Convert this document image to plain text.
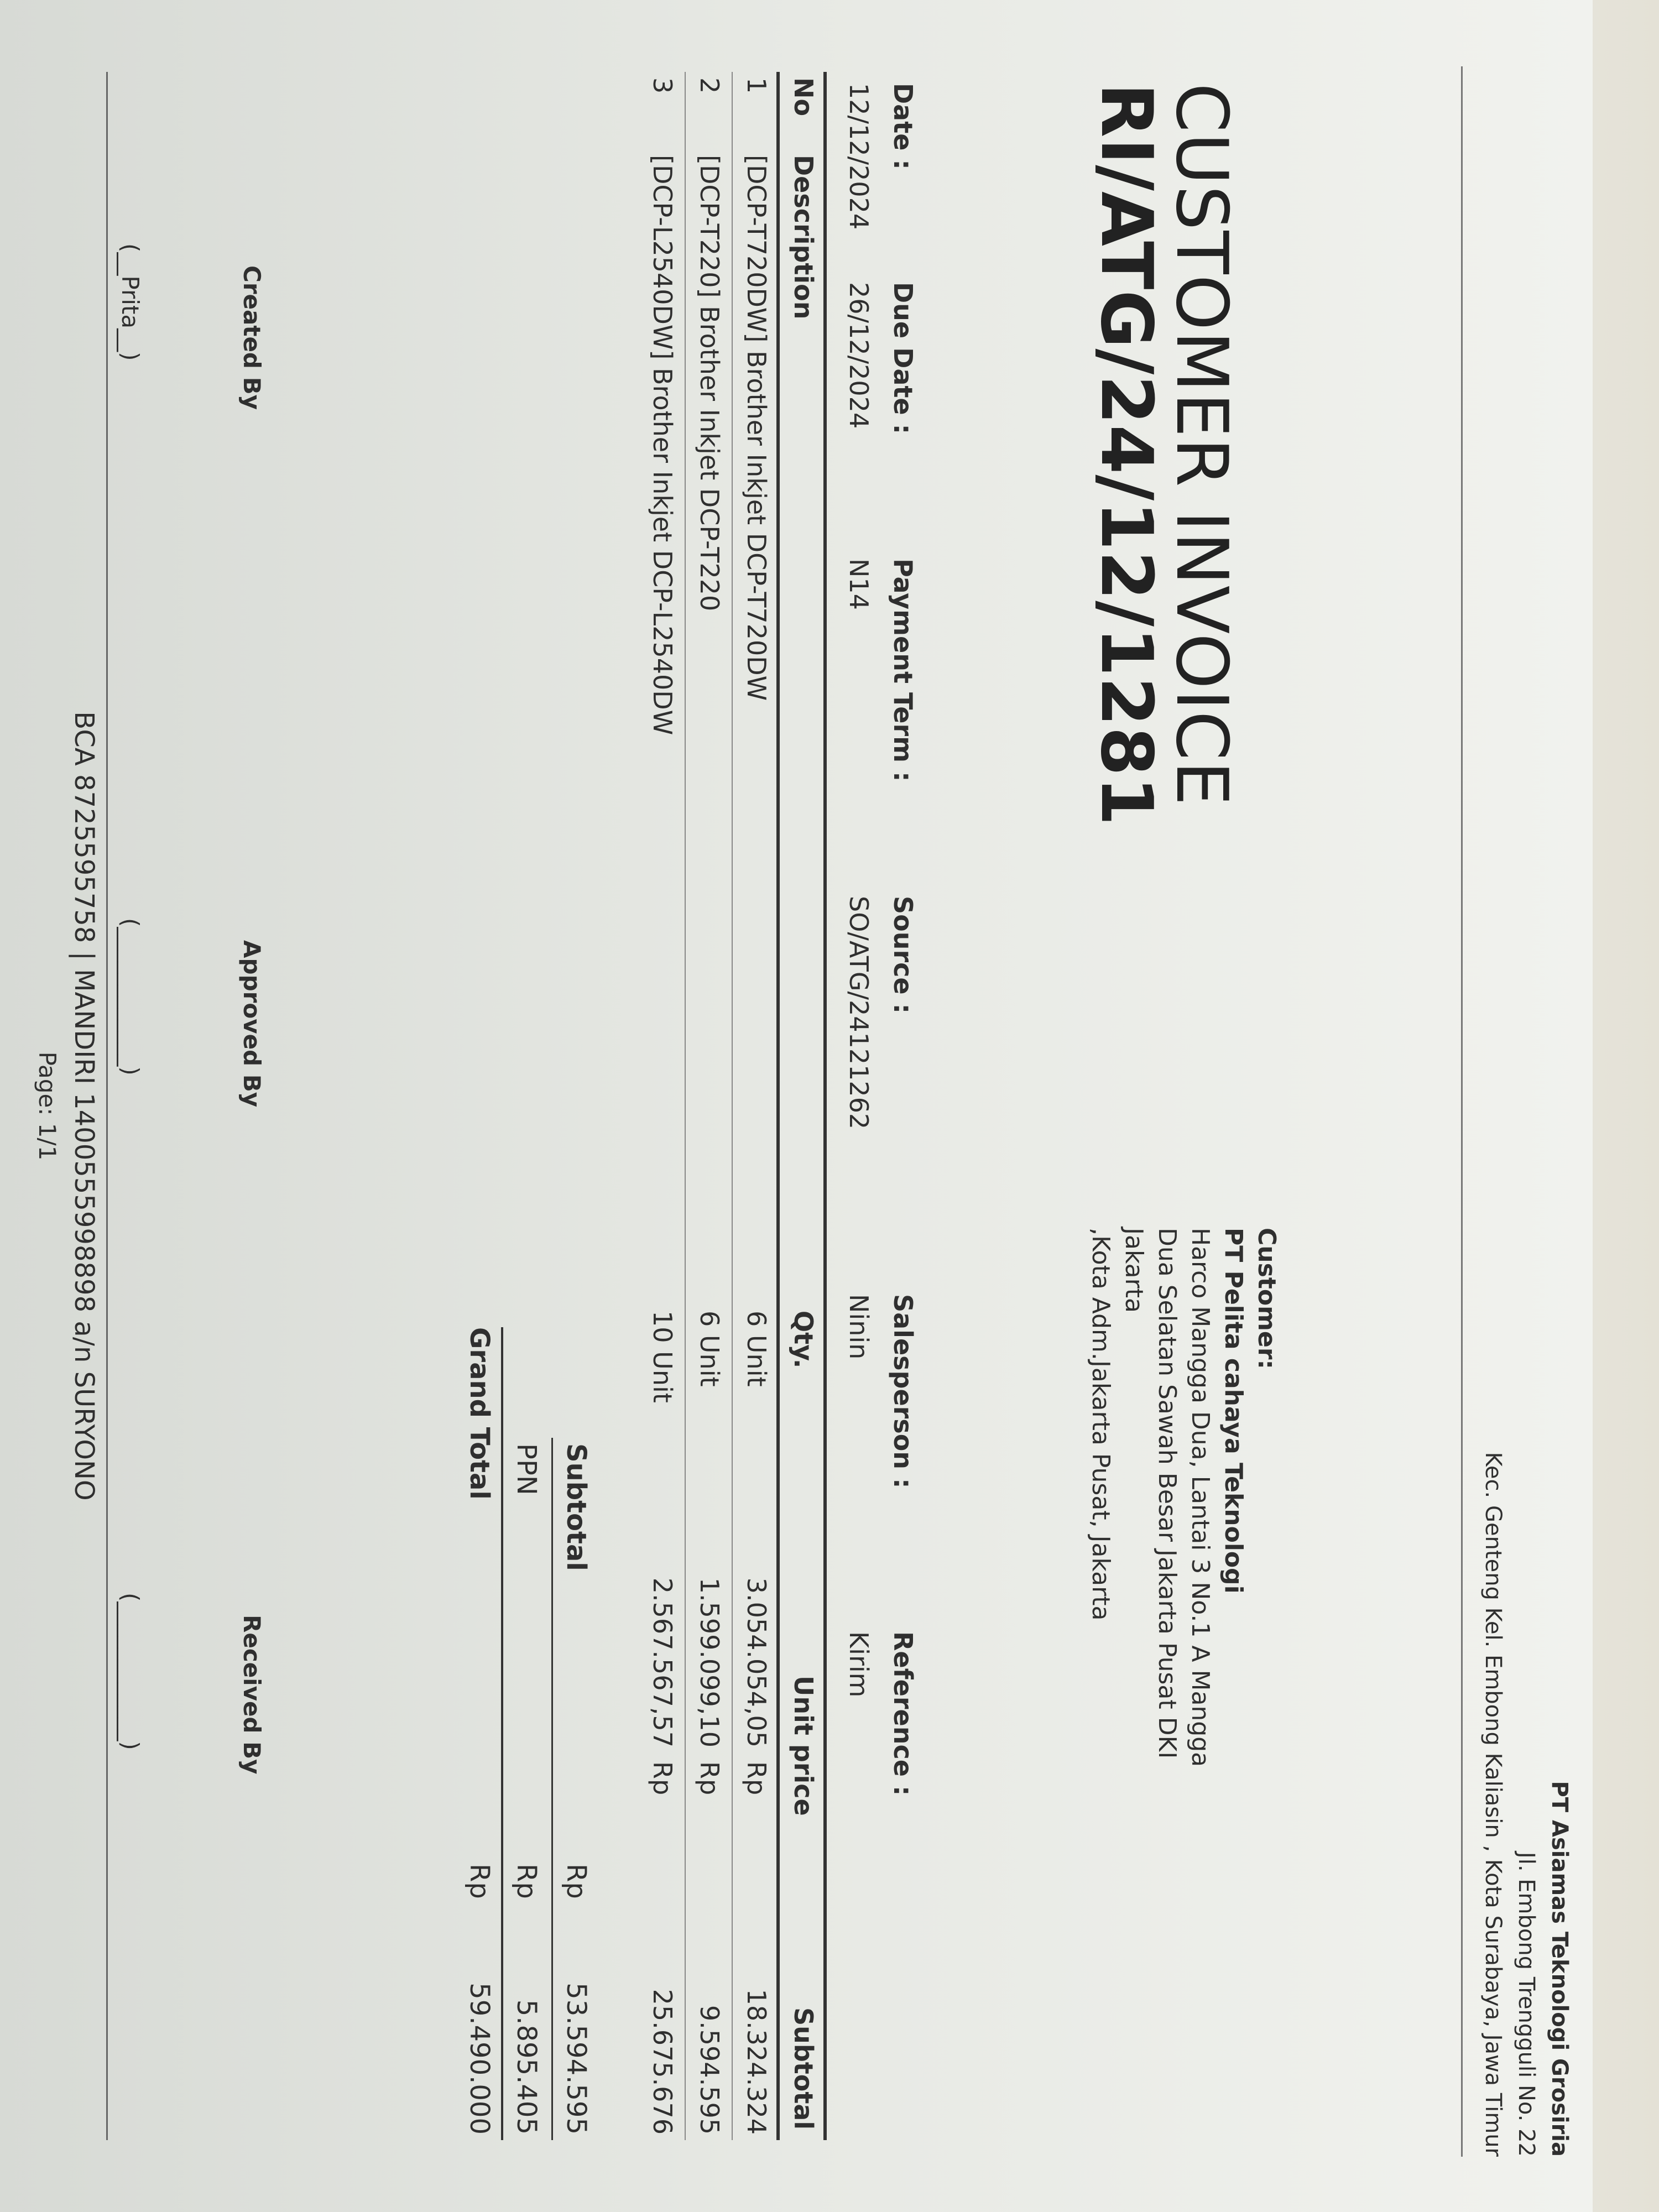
PT Asiamas Teknologi Grosiria
Jl. Embong Trengguli No. 22
Kec. Genteng Kel. Embong Kaliasin , Kota Surabaya, Jawa Timur
Customer:
PT Pelita cahaya Teknologi
Harco Mangga Dua, Lantai 3 No.1 A Mangga
Dua Selatan Sawah Besar Jakarta Pusat DKI
Jakarta
,Kota Adm.Jakarta Pusat, Jakarta
CUSTOMER INVOICE
RI/ATG/24/12/1281
Date :
12/12/2024
Due Date :
26/12/2024
Payment Term :
N14
Source :
SO/ATG/24121262
Salesperson :
Ninin
Reference :
Kirim
No
Description
Qty.
Unit price
Subtotal
1
[DCP-T720DW] Brother Inkjet DCP-T720DW
6 Unit
3.054.054,05
Rp
18.324.324
2
[DCP-T220] Brother Inkjet DCP-T220
6 Unit
1.599.099,10
Rp
9.594.595
3
[DCP-L2540DW] Brother Inkjet DCP-L2540DW
10 Unit
2.567.567,57
Rp
25.675.676
Subtotal
Rp
53.594.595
PPN
Rp
5.895.405
Grand Total
Rp
59.490.000
Created By
Approved By
Received By
(__Prita__)
(____________)
(____________)
BCA 8725595758 | MANDIRI 1400555998898 a/n SURYONO
Page: 1/1
